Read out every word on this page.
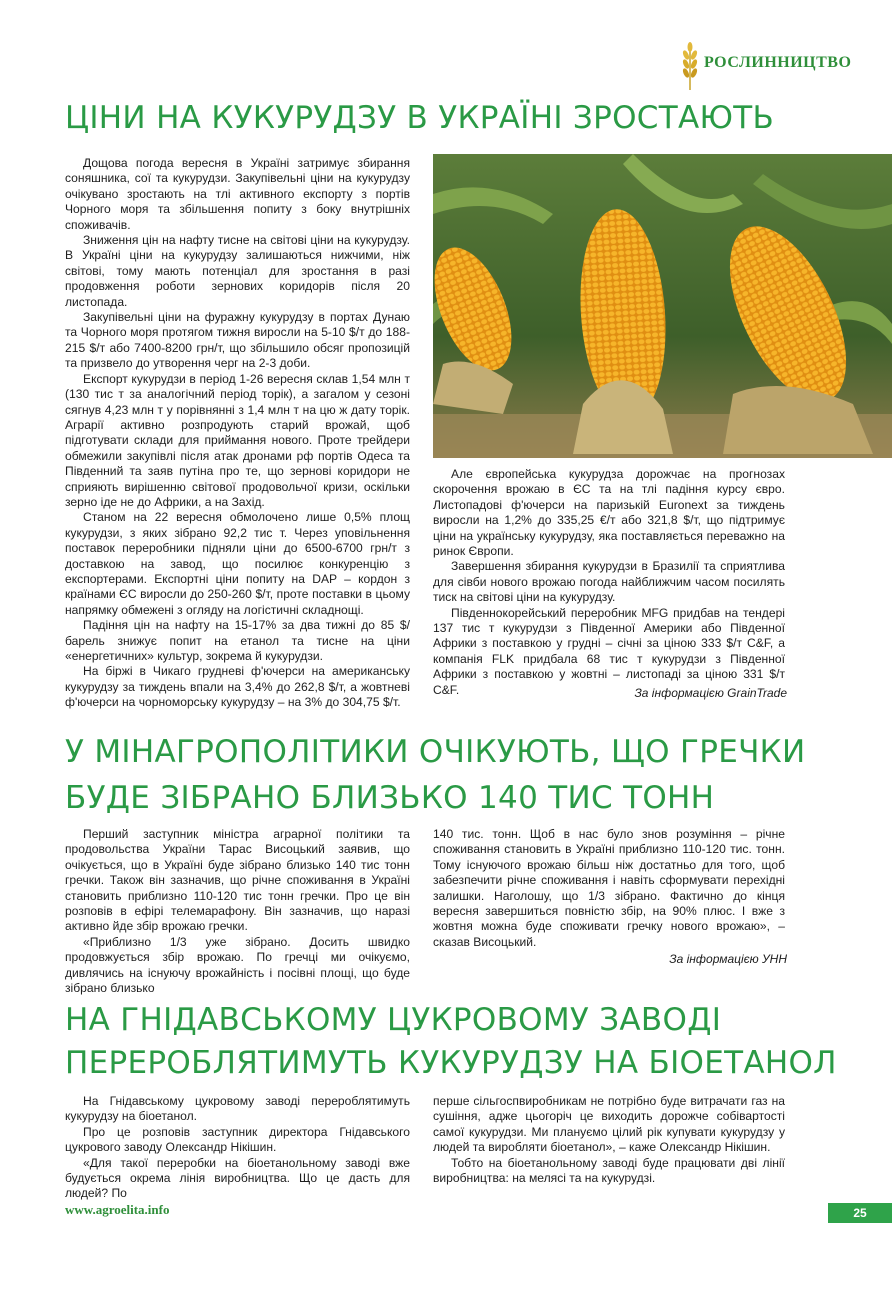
РОСЛИННИЦТВО
ЦІНИ НА КУКУРУДЗУ В УКРАЇНІ ЗРОСТАЮТЬ

Дощова погода вересня в Україні затримує збирання соняшника, сої та кукурудзи. Закупівельні ціни на кукурудзу очікувано зростають на тлі активного експорту з портів Чорного моря та збільшення попиту з боку внутрішніх споживачів.

Зниження цін на нафту тисне на світові ціни на кукурудзу. В Україні ціни на кукурудзу залишаються нижчими, ніж світові, тому мають потенціал для зростання в разі продовження роботи зернових коридорів після 20 листопада.

Закупівельні ціни на фуражну кукурудзу в портах Дунаю та Чорного моря протягом тижня виросли на 5-10 $/т до 188-215 $/т або 7400-8200 грн/т, що збільшило обсяг пропозицій та призвело до утворення черг на 2-3 доби.

Експорт кукурудзи в період 1-26 вересня склав 1,54 млн т (130 тис т за аналогічний період торік), а загалом у сезоні сягнув 4,23 млн т у порівнянні з 1,4 млн т на цю ж дату торік. Аграрії активно розпродують старий врожай, щоб підготувати склади для приймання нового. Проте трейдери обмежили закупівлі після атак дронами рф портів Одеса та Південний та заяв путіна про те, що зернові коридори не сприяють вирішенню світової продовольчої кризи, оскільки зерно іде не до Африки, а на Захід.

Станом на 22 вересня обмолочено лише 0,5% площ кукурудзи, з яких зібрано 92,2 тис т. Через уповільнення поставок переробники підняли ціни до 6500-6700 грн/т з доставкою на завод, що посилює конкуренцію з експортерами. Експортні ціни попиту на DAP – кордон з країнами ЄС виросли до 250-260 $/т, проте поставки в цьому напрямку обмежені з огляду на логістичні складнощі.

Падіння цін на нафту на 15-17% за два тижні до 85 $/барель знижує попит на етанол та тисне на ціни «енергетичних» культур, зокрема й кукурудзи.

На біржі в Чикаго грудневі ф'ючерси на американську кукурудзу за тиждень впали на 3,4% до 262,8 $/т, а жовтневі ф'ючерси на чорноморську кукурудзу – на 3% до 304,75 $/т.

Але європейська кукурудза дорожчає на прогнозах скорочення врожаю в ЄС та на тлі падіння курсу євро. Листопадові ф'ючерси на паризькій Euronext за тиждень виросли на 1,2% до 335,25 €/т або 321,8 $/т, що підтримує ціни на українську кукурудзу, яка поставляється переважно на ринок Європи.

Завершення збирання кукурудзи в Бразилії та сприятлива для сівби нового врожаю погода найближчим часом посилять тиск на світові ціни на кукурудзу.

Південнокорейський переробник MFG придбав на тендері 137 тис т кукурудзи з Південної Америки або Південної Африки з поставкою у грудні – січні за ціною 333 $/т C&F, а компанія FLK придбала 68 тис т кукурудзи з Південної Африки з поставкою у жовтні – листопаді за ціною 331 $/т C&F.	За інформацією GrainTrade
У МІНАГРОПОЛІТИКИ ОЧІКУЮТЬ, ЩО ГРЕЧКИ
БУДЕ ЗІБРАНО БЛИЗЬКО 140 ТИС ТОНН

Перший заступник міністра аграрної політики та продовольства України Тарас Висоцький заявив, що очікується, що в Україні буде зібрано близько 140 тис тонн гречки. Також він зазначив, що річне споживання в Україні становить приблизно 110-120 тис тонн гречки. Про це він розповів в ефірі телемарафону. Він зазначив, що наразі активно йде збір врожаю гречки.

«Приблизно 1/3 уже зібрано. Досить швидко продовжується збір врожаю. По гречці ми очікуємо, дивлячись на існуючу врожайність і посівні площі, що буде зібрано близько

140 тис. тонн. Щоб в нас було знов розуміння – річне споживання становить в Україні приблизно 110-120 тис. тонн. Тому існуючого врожаю більш ніж достатньо для того, щоб забезпечити річне споживання і навіть сформувати перехідні залишки. Наголошу, що 1/3 зібрано. Фактично до кінця вересня завершиться повністю збір, на 90% плюс. І вже з жовтня можна буде споживати гречку нового врожаю», – сказав Висоцький.

За інформацією УНН
НА ГНІДАВСЬКОМУ ЦУКРОВОМУ ЗАВОДІ
ПЕРЕРОБЛЯТИМУТЬ КУКУРУДЗУ НА БІОЕТАНОЛ

На Гнідавському цукровому заводі перероблятимуть кукурудзу на біоетанол.

Про це розповів заступник директора Гнідавського цукрового заводу Олександр Нікішин.

«Для такої переробки на біоетанольному заводі вже будується окрема лінія виробництва. Що це дасть для людей? По

перше сільгоспвиробникам не потрібно буде витрачати газ на сушіння, адже цьогоріч це виходить дорожче собівартості самої кукурудзи. Ми плануємо цілий рік купувати кукурудзу у людей та виробляти біоетанол», – каже Олександр Нікішин.

Тобто на біоетанольному заводі буде працювати дві лінії виробництва: на мелясі та на кукурудзі.

www.agroelita.info	25
